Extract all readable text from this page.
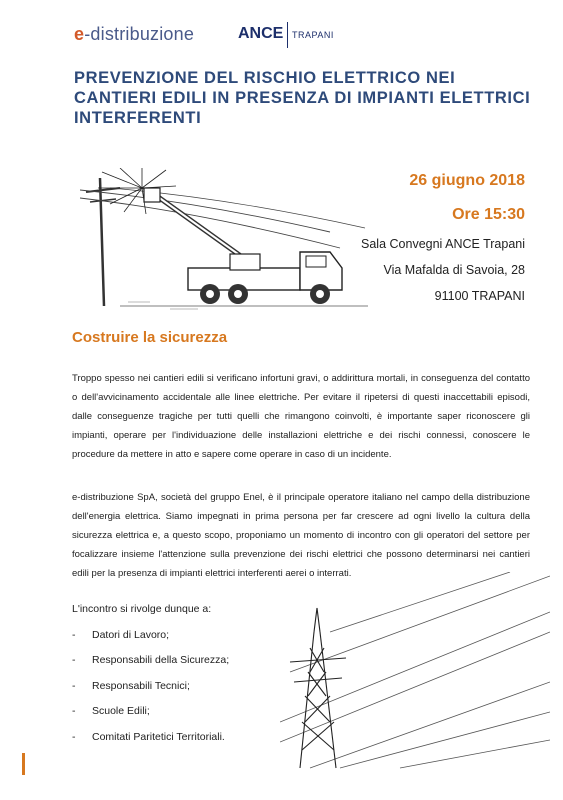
e-distribuzione	ANCE TRAPANI
PREVENZIONE DEL RISCHIO ELETTRICO NEI CANTIERI EDILI IN PRESENZA DI IMPIANTI ELETTRICI INTERFERENTI
26 giugno 2018
Ore 15:30
Sala Convegni ANCE Trapani
Via Mafalda di Savoia, 28
91100 TRAPANI
Costruire la sicurezza

Troppo spesso nei cantieri edili si verificano infortuni gravi, o addirittura mortali, in conseguenza del contatto o dell'avvicinamento accidentale alle linee elettriche. Per evitare il ripetersi di questi inaccettabili episodi, dalle conseguenze tragiche per tutti quelli che rimangono coinvolti, è importante saper riconoscere gli impianti, operare per l'individuazione delle installazioni elettriche e dei rischi connessi, conoscere le procedure da mettere in atto e sapere come operare in caso di un incidente.

e-distribuzione SpA, società del gruppo Enel, è il principale operatore italiano nel campo della distribuzione dell'energia elettrica. Siamo impegnati in prima persona per far crescere ad ogni livello la cultura della sicurezza elettrica e, a questo scopo, proponiamo un momento di incontro con gli operatori del settore per focalizzare insieme l'attenzione sulla prevenzione dei rischi elettrici che possono determinarsi nei cantieri edili per la presenza di impianti elettrici interferenti aerei o interrati.

L'incontro si rivolge dunque a:
-	Datori di Lavoro;
-	Responsabili della Sicurezza;
-	Responsabili Tecnici;
-	Scuole Edili;
-	Comitati Paritetici Territoriali.
